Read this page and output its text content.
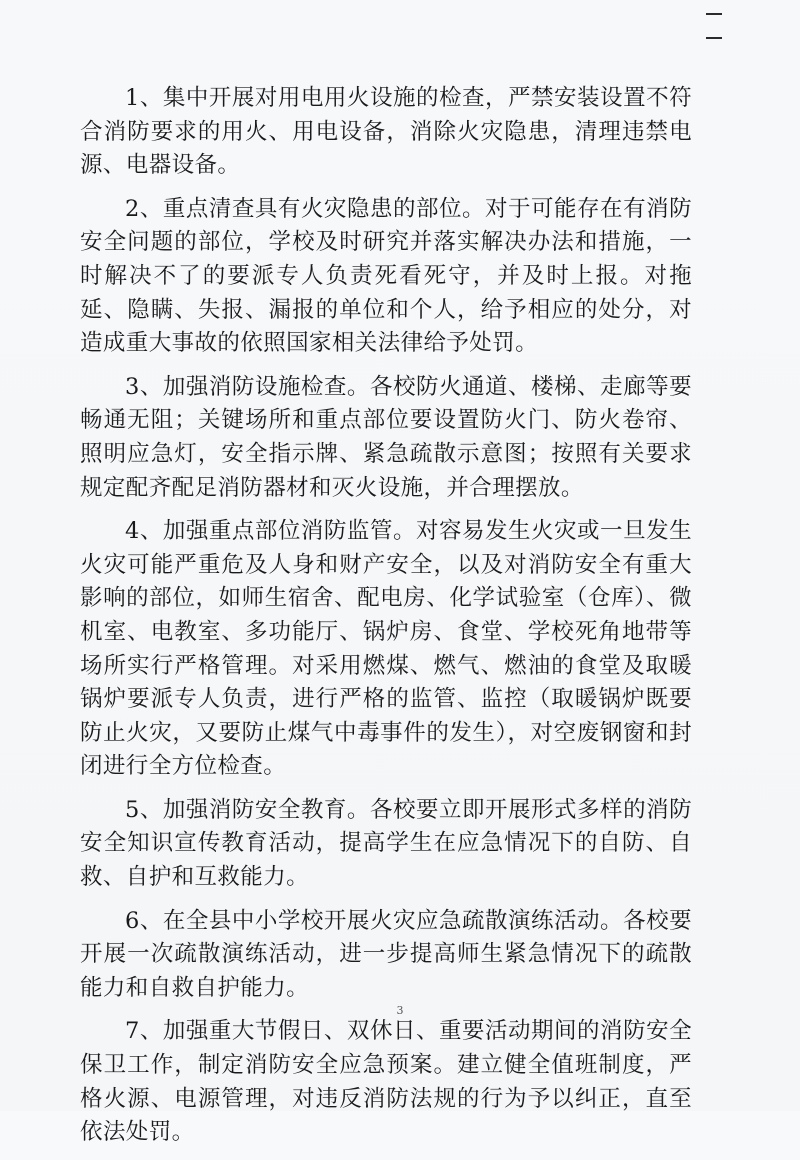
1、集中开展对用电用火设施的检查，严禁安装设置不符合消防要求的用火、用电设备，消除火灾隐患，清理违禁电源、电器设备。

2、重点清查具有火灾隐患的部位。对于可能存在有消防安全问题的部位，学校及时研究并落实解决办法和措施，一时解决不了的要派专人负责死看死守，并及时上报。对拖延、隐瞒、失报、漏报的单位和个人，给予相应的处分，对造成重大事故的依照国家相关法律给予处罚。

3、加强消防设施检查。各校防火通道、楼梯、走廊等要畅通无阻；关键场所和重点部位要设置防火门、防火卷帘、照明应急灯，安全指示牌、紧急疏散示意图；按照有关要求规定配齐配足消防器材和灭火设施，并合理摆放。

4、加强重点部位消防监管。对容易发生火灾或一旦发生火灾可能严重危及人身和财产安全，以及对消防安全有重大影响的部位，如师生宿舍、配电房、化学试验室（仓库）、微机室、电教室、多功能厅、锅炉房、食堂、学校死角地带等场所实行严格管理。对采用燃煤、燃气、燃油的食堂及取暖锅炉要派专人负责，进行严格的监管、监控（取暖锅炉既要防止火灾，又要防止煤气中毒事件的发生），对空废钢窗和封闭进行全方位检查。

5、加强消防安全教育。各校要立即开展形式多样的消防安全知识宣传教育活动，提高学生在应急情况下的自防、自救、自护和互救能力。

6、在全县中小学校开展火灾应急疏散演练活动。各校要开展一次疏散演练活动，进一步提高师生紧急情况下的疏散能力和自救自护能力。

7、加强重大节假日、双休日、重要活动期间的消防安全保卫工作，制定消防安全应急预案。建立健全值班制度，严格火源、电源管理，对违反消防法规的行为予以纠正，直至依法处罚。

3
